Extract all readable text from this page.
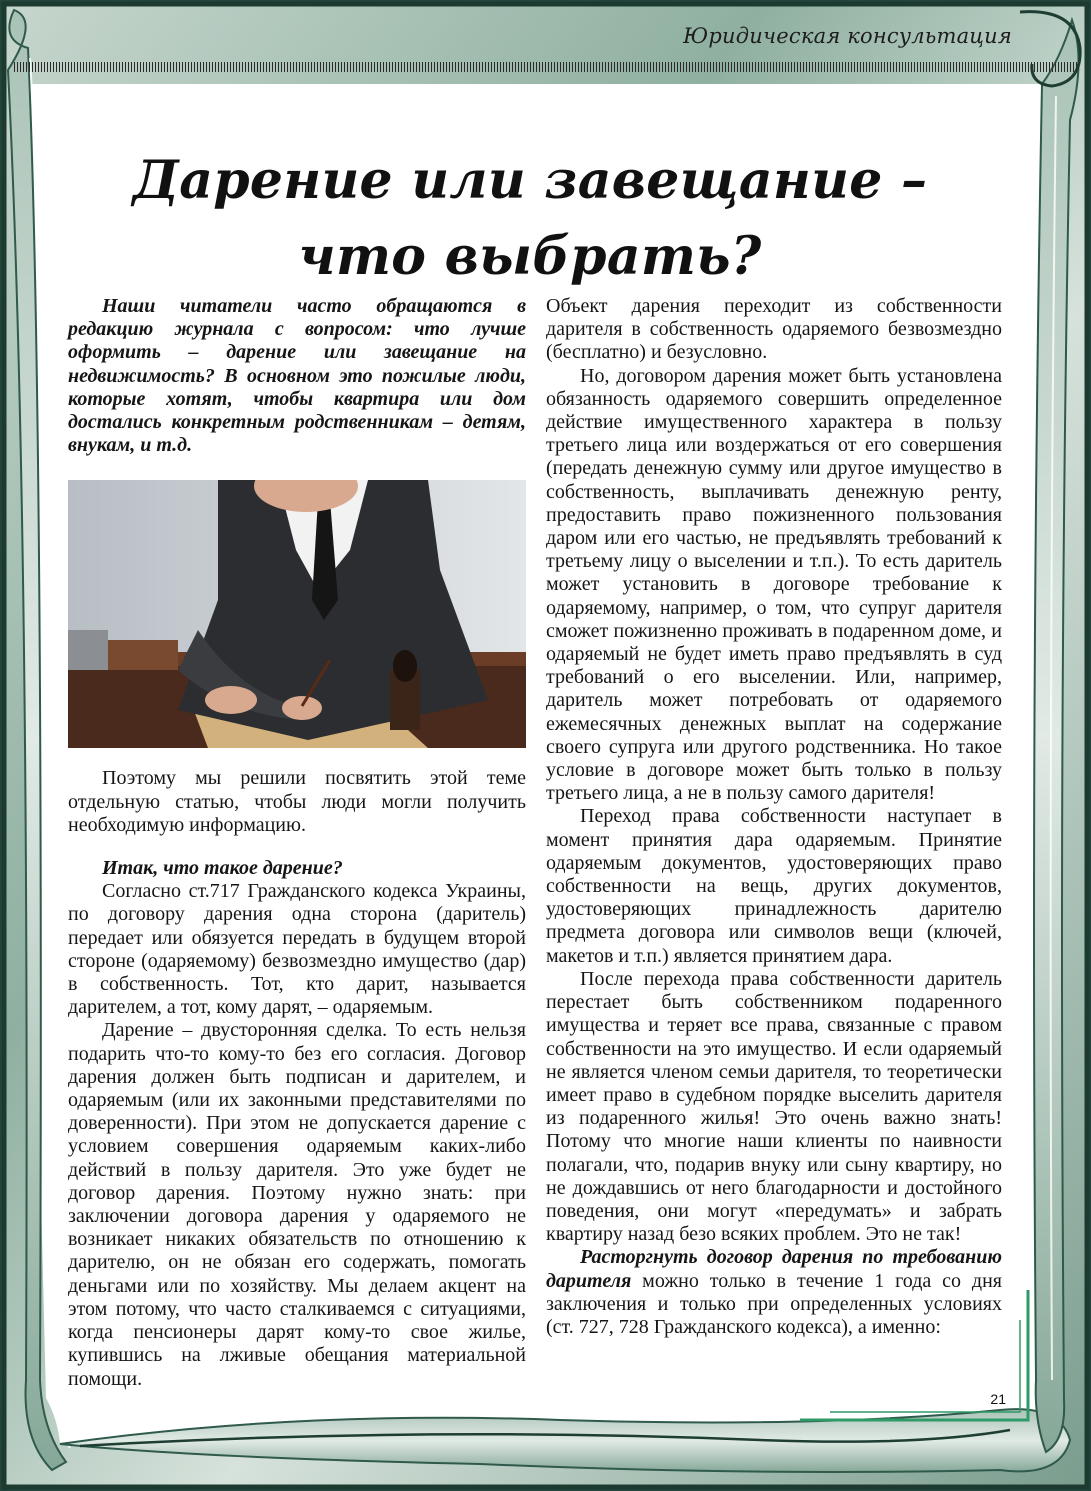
Юридическая консультация
Дарение или завещание –
что выбрать?

Наши читатели часто обращаются в редакцию журнала с вопросом: что лучше оформить – дарение или завещание на недвижимость? В основном это пожилые люди, которые хотят, чтобы квартира или дом достались конкретным родственникам – детям, внукам, и т.д.

Поэтому мы решили посвятить этой теме отдельную статью, чтобы люди могли получить необходимую информацию.

Итак, что такое дарение?

Согласно ст.717 Гражданского кодекса Украины, по договору дарения одна сторона (даритель) передает или обязуется передать в будущем второй стороне (одаряемому) безвозмездно имущество (дар) в собственность. Тот, кто дарит, называется дарителем, а тот, кому дарят, – одаряемым.

Дарение – двусторонняя сделка. То есть нельзя подарить что-то кому-то без его согласия. Договор дарения должен быть подписан и дарителем, и одаряемым (или их законными представителями по доверенности). При этом не допускается дарение с условием совершения одаряемым каких-либо действий в пользу дарителя. Это уже будет не договор дарения. Поэтому нужно знать: при заключении договора дарения у одаряемого не возникает никаких обязательств по отношению к дарителю, он не обязан его содержать, помогать деньгами или по хозяйству. Мы делаем акцент на этом потому, что часто сталкиваемся с ситуациями, когда пенсионеры дарят кому-то свое жилье, купившись на лживые обещания материальной помощи.

Объект дарения переходит из собственности дарителя в собственность одаряемого безвозмездно (бесплатно) и безусловно.

Но, договором дарения может быть установлена обязанность одаряемого совершить определенное действие имущественного характера в пользу третьего лица или воздержаться от его совершения (передать денежную сумму или другое имущество в собственность, выплачивать денежную ренту, предоставить право пожизненного пользования даром или его частью, не предъявлять требований к третьему лицу о выселении и т.п.). То есть даритель может установить в договоре требование к одаряемому, например, о том, что супруг дарителя сможет пожизненно проживать в подаренном доме, и одаряемый не будет иметь право предъявлять в суд требований о его выселении. Или, например, даритель может потребовать от одаряемого ежемесячных денежных выплат на содержание своего супруга или другого родственника. Но такое условие в договоре может быть только в пользу третьего лица, а не в пользу самого дарителя!

Переход права собственности наступает в момент принятия дара одаряемым. Принятие одаряемым документов, удостоверяющих право собственности на вещь, других документов, удостоверяющих принадлежность дарителю предмета договора или символов вещи (ключей, макетов и т.п.) является принятием дара.

После перехода права собственности даритель перестает быть собственником подаренного имущества и теряет все права, связанные с правом собственности на это имущество. И если одаряемый не является членом семьи дарителя, то теоретически имеет право в судебном порядке выселить дарителя из подаренного жилья! Это очень важно знать! Потому что многие наши клиенты по наивности полагали, что, подарив внуку или сыну квартиру, но не дождавшись от него благодарности и достойного поведения, они могут «передумать» и забрать квартиру назад безо всяких проблем. Это не так!

Расторгнуть договор дарения по требованию дарителя можно только в течение 1 года со дня заключения и только при определенных условиях (ст. 727, 728 Гражданского кодекса), а именно:

21
